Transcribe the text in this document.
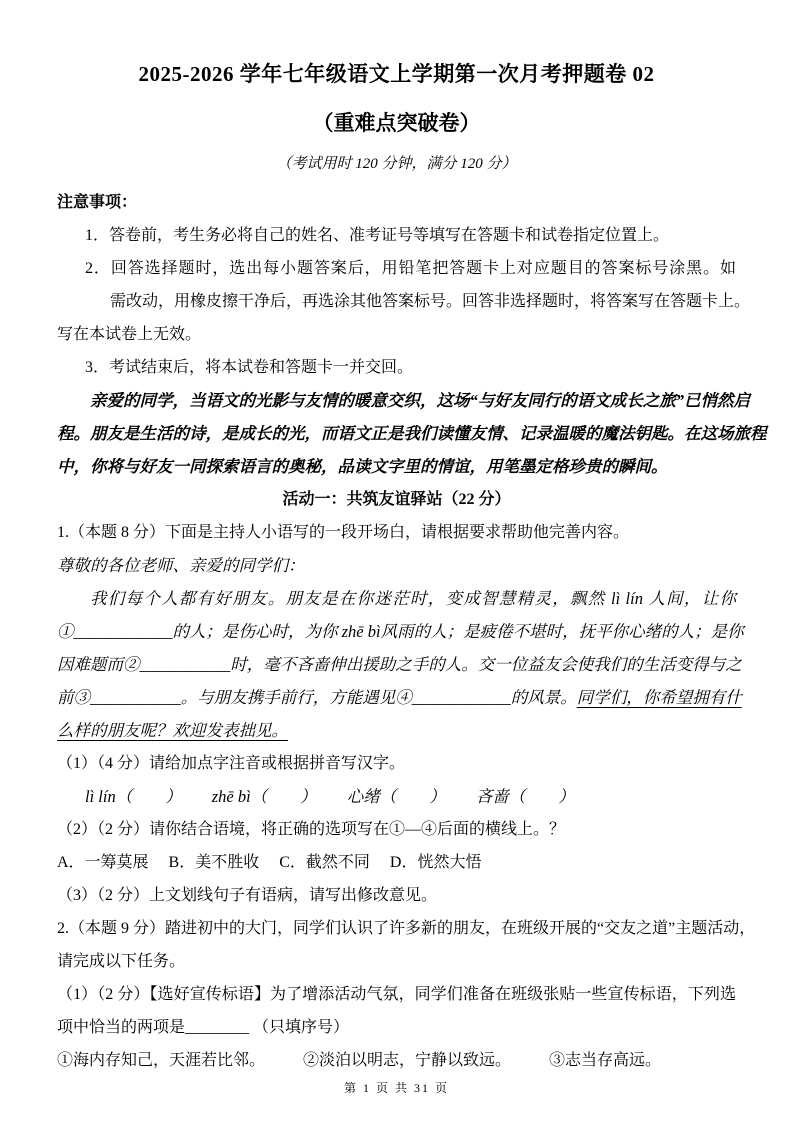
2025-2026 学年七年级语文上学期第一次月考押题卷 02
（重难点突破卷）
（考试用时 120 分钟，满分 120 分）
注意事项：
1．答卷前，考生务必将自己的姓名、准考证号等填写在答题卡和试卷指定位置上。
2．回答选择题时，选出每小题答案后，用铅笔把答题卡上对应题目的答案标号涂黑。如
需改动，用橡皮擦干净后，再选涂其他答案标号。回答非选择题时，将答案写在答题卡上。
写在本试卷上无效。
3．考试结束后，将本试卷和答题卡一并交回。
亲爱的同学，当语文的光影与友情的暖意交织，这场“与好友同行的语文成长之旅”已悄然启
程。朋友是生活的诗，是成长的光，而语文正是我们读懂友情、记录温暖的魔法钥匙。在这场旅程
中，你将与好友一同探索语言的奥秘，品读文字里的情谊，用笔墨定格珍贵的瞬间。
活动一：共筑友谊驿站（22 分）
1.（本题 8 分）下面是主持人小语写的一段开场白，请根据要求帮助他完善内容。
尊敬的各位老师、亲爱的同学们：
我们每个人都有好朋友。朋友是在你迷茫时，变成智慧精灵，飘然 lì lín 人间，让你
①____________的人；是伤心时，为你 zhē bì风雨的人；是疲倦不堪时，抚平你心绪 •的人；是你
因难题而②___________时，毫不吝啬 •伸出援助之手的人。交一位益友会使我们的生活变得与之
前③___________。与朋友携手前行，方能遇见④____________的风景。同学们，你希望拥有什
么样的朋友呢？欢迎发表拙见。
（1）（4 分）请给加点字注音或根据拼音写汉字。
lì lín（　　） zhē bì（　　） 心绪 •（　　） 吝啬 •（　　）
（2）（2 分）请你结合语境，将正确的选项写在①—④后面的横线上。？
A．一筹莫展　 B．美不胜收　 C．截然不同　 D．恍然大悟
（3）（2 分）上文划线句子有语病，请写出修改意见。
2.（本题 9 分）踏进初中的大门，同学们认识了许多新的朋友，在班级开展的“交友之道”主题活动，
请完成以下任务。
（1）（2 分）【选好宣传标语】为了增添活动气氛，同学们准备在班级张贴一些宣传标语，下列选
项中恰当的两项是________ （只填序号）
①海内存知己，天涯若比邻。 ②淡泊以明志，宁静以致远。 ③志当存高远。
第 1 页 共 31 页
